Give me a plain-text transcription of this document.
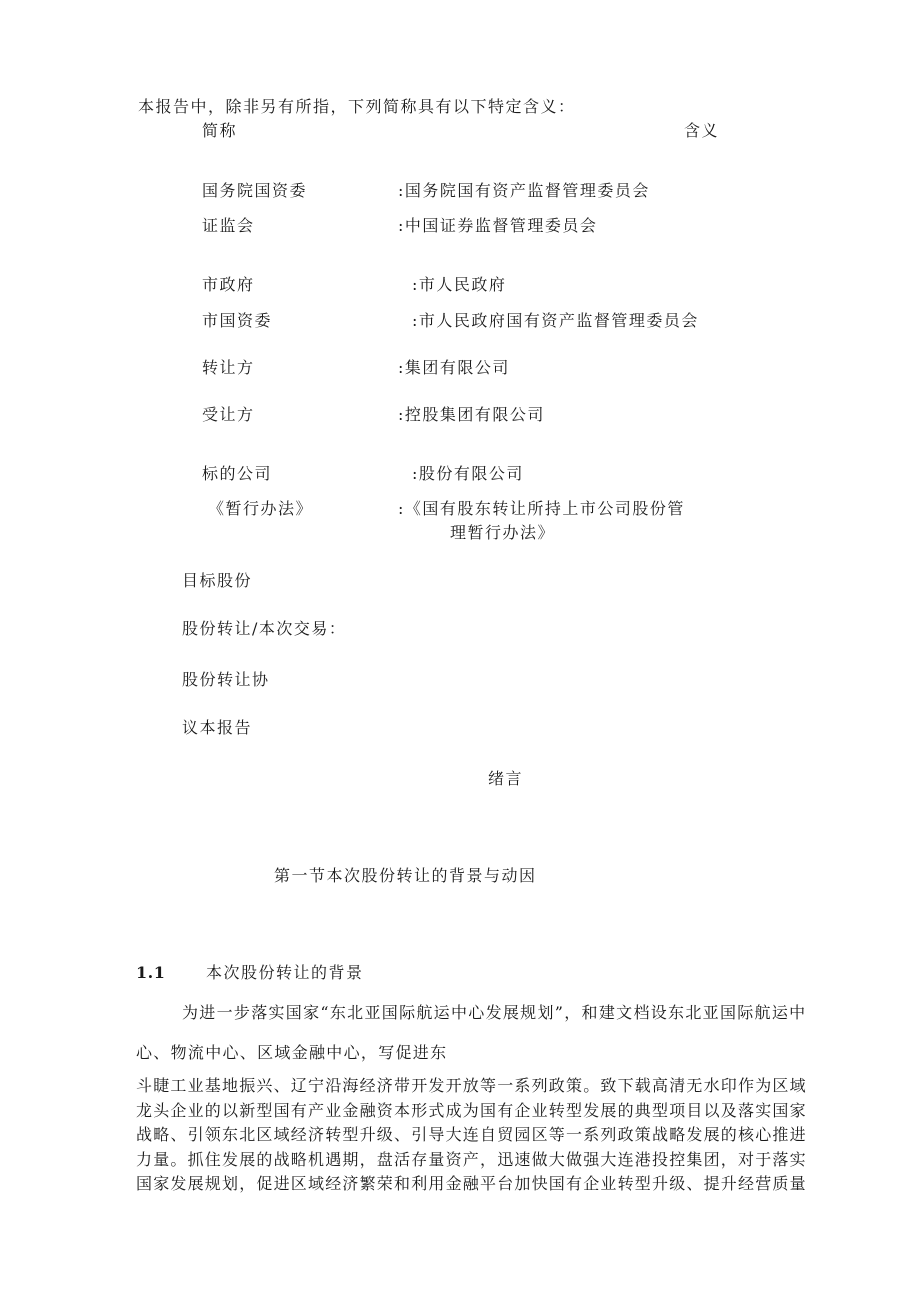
本报告中，除非另有所指，下列简称具有以下特定含义：
简称	含义
国务院国资委	:国务院国有资产监督管理委员会
证监会	:中国证券监督管理委员会
市政府	:市人民政府
市国资委	:市人民政府国有资产监督管理委员会
转让方	:集团有限公司
受让方	:控股集团有限公司
标的公司	:股份有限公司
《暂行办法》	:《国有股东转让所持上市公司股份管
理暂行办法》
目标股份
股份转让/本次交易：
股份转让协
议本报告
绪言
第一节本次股份转让的背景与动因
1.1	本次股份转让的背景
为进一步落实国家“东北亚国际航运中心发展规划”，和建文档设东北亚国际航运中
心、物流中心、区域金融中心，写促进东
斗睫工业基地振兴、辽宁沿海经济带开发开放等一系列政策。致下载高清无水印作为区域
龙头企业的以新型国有产业金融资本形式成为国有企业转型发展的典型项目以及落实国家
战略、引领东北区域经济转型升级、引导大连自贸园区等一系列政策战略发展的核心推进
力量。抓住发展的战略机遇期，盘活存量资产，迅速做大做强大连港投控集团，对于落实
国家发展规划，促进区域经济繁荣和利用金融平台加快国有企业转型升级、提升经营质量
